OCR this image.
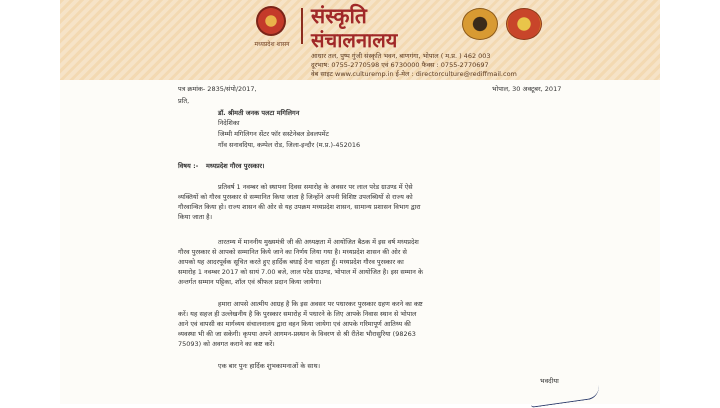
मध्यप्रदेश शासन
संस्कृति
संचालनालय
आधार तल, पुष्प गुंजी संस्कृति भवन, बाणगंगा, भोपाल ( म.प्र. ) 462 003
दूरभाष: 0755-2770598 एवं 6730000 फैक्स : 0755-2770697
वेब साइट www.culturemp.in ई-मेल : directorculture@rediffmail.com
पत्र क्रमांक- 2835/संपो/2017,	भोपाल, 30 अक्टूबर, 2017
प्रति,
डॉ. श्रीमती जनक पलटा मगिलिगन
निदेशिका
जिम्मी मगिलिगन सेंटर फॉर सस्टेनेबल डेवलपमेंट
गाँव सनावदिया, कम्पेल रोड, जिला-इन्दौर (म.प्र.)-452016
विषय :- मध्यप्रदेश गौरव पुरस्कार।
प्रतिवर्ष 1 नवम्बर को स्थापना दिवस समारोह के अवसर पर लाल परेड ग्राउण्ड में ऐसे
व्यक्तियों को गौरव पुरस्कार से सम्मानित किया जाता है जिन्होंने अपनी विशिष्ट उपलब्धियों से राज्य को
गौरवान्वित किया हो। राज्य शासन की ओर से यह उपक्रम मध्यप्रदेश शासन, सामान्य प्रशासन विभाग द्वारा
किया जाता है।
तारतम्य में माननीय मुख्यमंत्री जी की अध्यक्षता में आयोजित बैठक में इस वर्ष मध्यप्रदेश
गौरव पुरस्कार से आपको सम्मानित किये जाने का निर्णय लिया गया है। मध्यप्रदेश शासन की ओर से
आपको यह आदरपूर्वक सूचित करते हुए हार्दिक बधाई देना चाहता हूँ। मध्यप्रदेश गौरव पुरस्कार का
समारोह 1 नवम्बर 2017 को सायं 7.00 बजे, लाल परेड ग्राउण्ड, भोपाल में आयोजित है। इस सम्मान के
अन्तर्गत सम्मान पट्टिका, शॉल एवं श्रीफल प्रदान किया जायेगा।
हमारा आपसे आत्मीय आग्रह है कि इस अवसर पर पधारकर पुरस्कार ग्रहण करने का कष्ट
करें। यह सहज ही उल्लेखनीय है कि पुरस्कार समारोह में पधारने के लिए आपके निवास स्थान से भोपाल
आने एवं वापसी का मार्गव्यय संचालनालय द्वारा वहन किया जायेगा एवं आपके गरिमापूर्ण आतिथ्य की
व्यवस्था भी की जा सकेगी। कृपया अपने आगमन-प्रस्थान के विवरण से श्री रीतेश भौरासुरिया (98263
75093) को अवगत कराने का कष्ट करें।
एक बार पुनः हार्दिक शुभकामनाओं के साथ।
भवदीया
